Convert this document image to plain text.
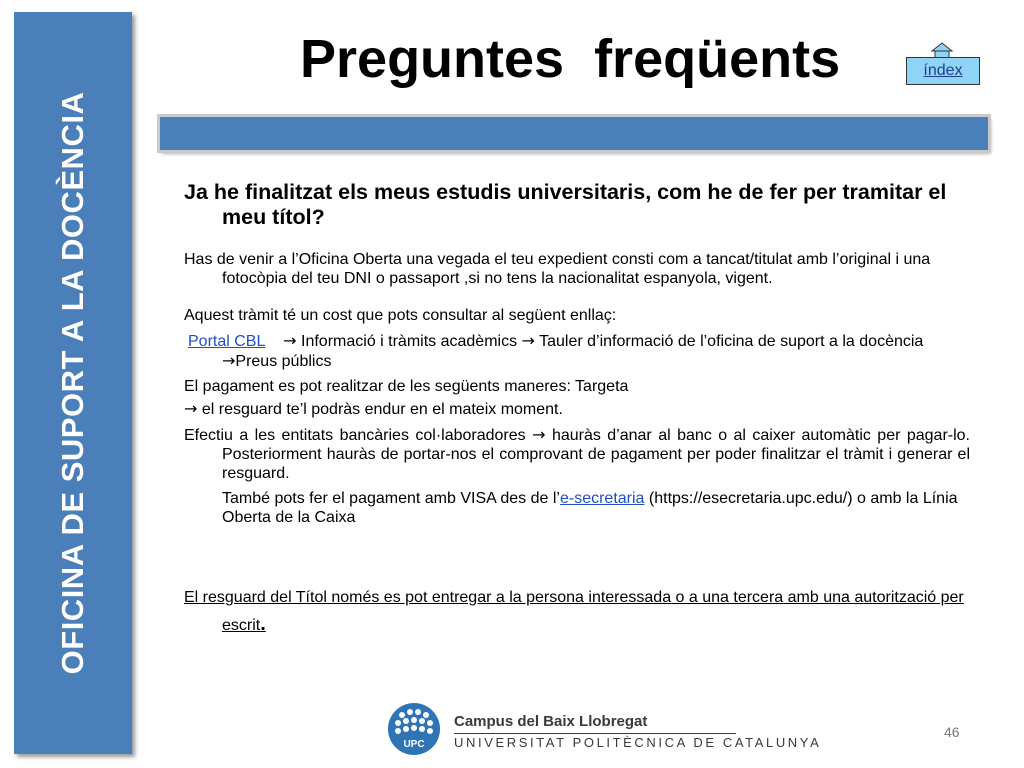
OFICINA DE SUPORT A LA DOCÈNCIA
Preguntes  freqüents	índex

Ja he finalitzat els meus estudis universitaris, com he de fer per tramitar el meu títol?

Has de venir a l’Oficina Oberta una vegada el teu expedient consti com a tancat/titulat amb l’original i una fotocòpia del teu DNI o passaport ,si no tens la nacionalitat espanyola, vigent.

Aquest tràmit té un cost que pots consultar al següent enllaç:

Portal CBL → Informació i tràmits acadèmics → Tauler d’informació de l’oficina de suport a la docència →Preus públics

El pagament es pot realitzar de les següents maneres: Targeta

→ el resguard te’l podràs endur en el mateix moment.

Efectiu a les entitats bancàries col·laboradores → hauràs d’anar al banc o al caixer automàtic per pagar-lo. Posteriorment hauràs de portar-nos el comprovant de pagament per poder finalitzar el tràmit i generar el resguard.

També pots fer el pagament amb VISA des de l’e-secretaria (https://esecretaria.upc.edu/) o amb la Línia Oberta de la Caixa

El resguard del Títol només es pot entregar a la persona interessada o a una tercera amb una autorització per escrit.

UPC
Campus del Baix Llobregat
UNIVERSITAT POLITÈCNICA DE CATALUNYA
46
